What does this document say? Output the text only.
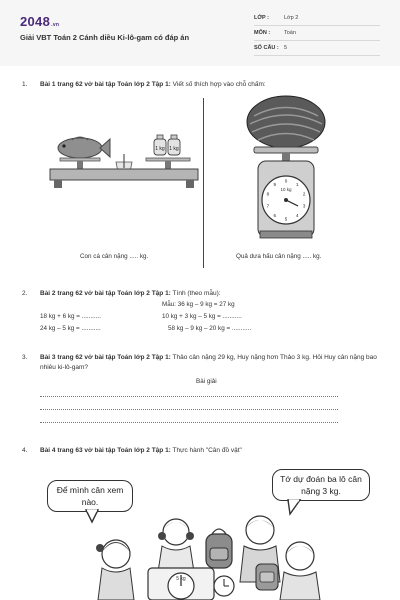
2048.vn
Giải VBT Toán 2 Cánh diều Ki-lô-gam có đáp án
LỚP :	Lớp 2
MÔN :	Toán
SỐ CÂU : 5
1. Bài 1 trang 62 vở bài tập Toán lớp 2 Tập 1: Viết số thích hợp vào chỗ chấm:
1 kg 1 kg
0
1
2
3
4
5
6
7
8
9
10 kg
Con cá cân nặng ..... kg.	Quả dưa hấu cân nặng ..... kg.
2. Bài 2 trang 62 vở bài tập Toán lớp 2 Tập 1: Tính (theo mẫu):
Mẫu: 36 kg – 9 kg = 27 kg
18 kg + 6 kg = ...........	10 kg + 3 kg – 5 kg = ...........
24 kg – 5 kg = ...........	58 kg – 9 kg – 20 kg = ...........
3. Bài 3 trang 62 vở bài tập Toán lớp 2 Tập 1: Thảo cân nặng 29 kg, Huy nặng hơn Thảo 3 kg. Hỏi Huy cân nặng bao nhiêu ki-lô-gam?
Bài giải
4. Bài 4 trang 63 vở bài tập Toán lớp 2 Tập 1: Thực hành "Cân đồ vật"
Để mình cân xem nào.
Tớ dự đoán ba lô cân nặng 3 kg.
5 kg
